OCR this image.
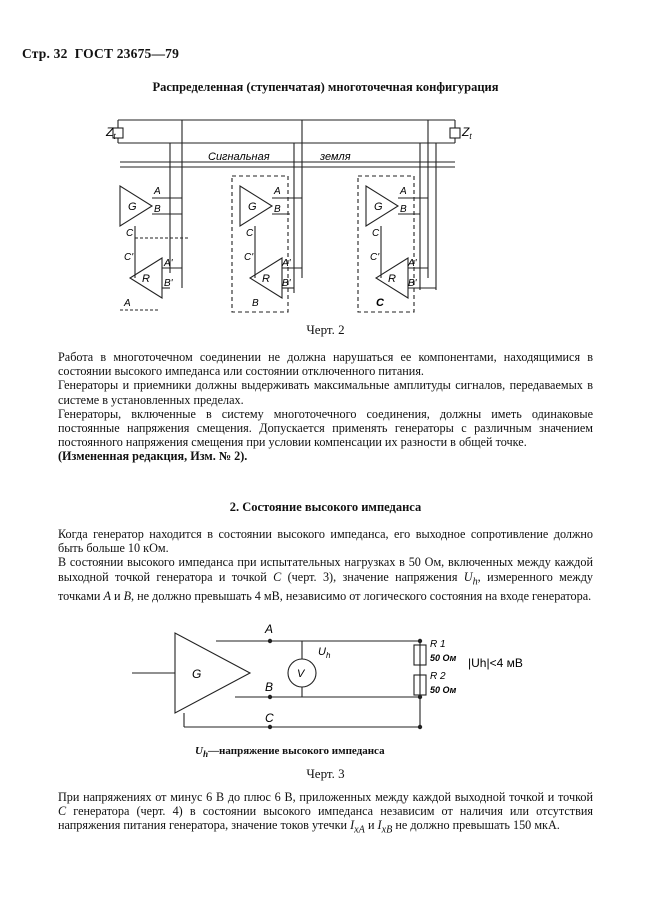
Стр. 32 ГОСТ 23675—79
Распределенная (ступенчатая) многоточечная конфигурация
$Z_t$	$Z_t$
Сигнальная	земля
G
R
A
B
C
C'
A'
B'
A
G
R
A
B
C
C'
A'
B'
B
G
R
A
B
C
C'
A'
B'
C
Черт. 2

Работа в многоточечном соединении не должна нарушаться ее компонентами, находящимися в состоянии высокого импеданса или состоянии отключенного питания.

Генераторы и приемники должны выдерживать максимальные амплитуды сигналов, передаваемых в системе в установленных пределах.

Генераторы, включенные в систему многоточечного соединения, должны иметь одинаковые постоянные напряжения смещения. Допускается применять генераторы с различным значением постоянного напряжения смещения при условии компенсации их разности в общей точке.

(Измененная редакция, Изм. № 2).

2. Состояние высокого импеданса

Когда генератор находится в состоянии высокого импеданса, его выходное сопротивление должно быть больше 10 кОм.

В состоянии высокого импеданса при испытательных нагрузках в 50 Ом, включенных между каждой выходной точкой генератора и точкой C (черт. 3), значение напряжения $U_h$, измеренного между точками A и B, не должно превышать 4 мВ, независимо от логического состояния на входе генератора.

G
A
B
C
V
$U_h$
R 1
50 Ом
R 2
50 Ом
|Uh|<4 мВ
$U_h—напряжение$ высокого импеданса
Черт. 3

При напряжениях от минус 6 В до плюс 6 В, приложенных между каждой выходной точкой и точкой C генератора (черт. 4) в состоянии высокого импеданса независим от наличия или отсутствия напряжения питания генератора, значение токов утечки $I_{xA}$ и $I_{xB}$ не должно превышать 150 мкА.
